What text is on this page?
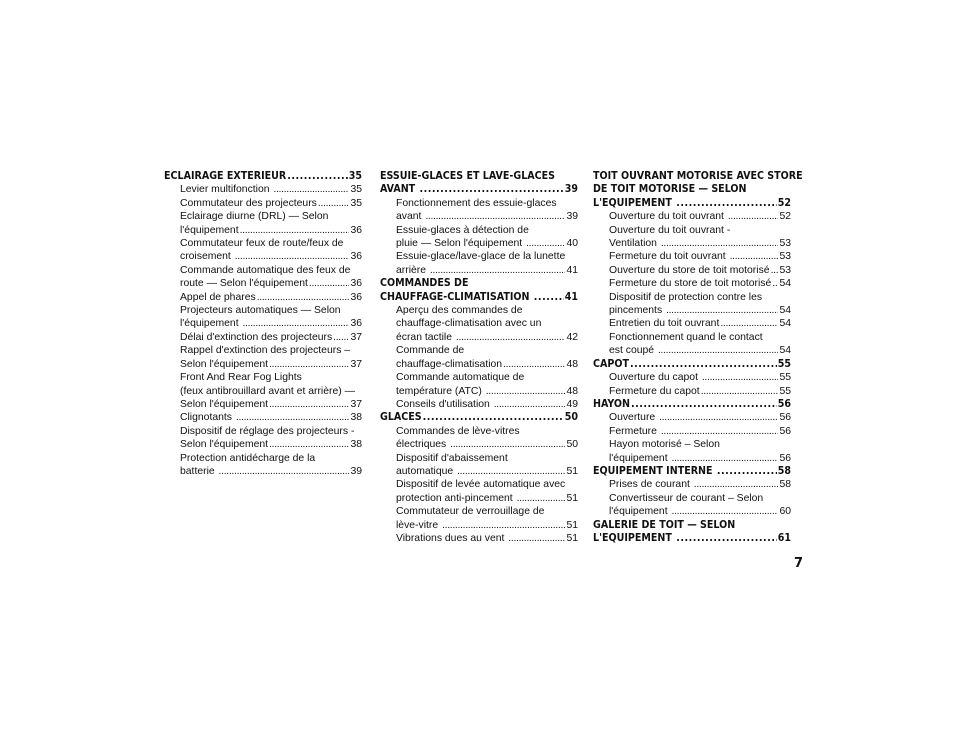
ECLAIRAGE EXTERIEUR . . .	35
Levier multifonction . . .	35
Commutateur des projecteurs . . .	35
Eclairage diurne (DRL) — Selon
l'équipement . . .	36
Commutateur feux de route/feux de
croisement . . .	36
Commande automatique des feux de
route — Selon l'équipement . . .	36
Appel de phares . . .	36
Projecteurs automatiques — Selon
l'équipement . . .	36
Délai d'extinction des projecteurs . . . 37
Rappel d'extinction des projecteurs –
Selon l'équipement . . .	37
Front And Rear Fog Lights
(feux antibrouillard avant et arrière) —
Selon l'équipement . . .	37
Clignotants . . .	38
Dispositif de réglage des projecteurs -
Selon l'équipement . . .	38
Protection antidécharge de la
batterie . . .	39
ESSUIE-GLACES ET LAVE-GLACES
AVANT . . .	39
Fonctionnement des essuie-glaces
avant . . .	39
Essuie-glaces à détection de
pluie — Selon l'équipement . . .	40
Essuie-glace/lave-glace de la lunette
arrière . . .	41
COMMANDES DE
CHAUFFAGE-CLIMATISATION . . .	41
Aperçu des commandes de
chauffage-climatisation avec un
écran tactile . . .	42
Commande de
chauffage-climatisation . . .	48
Commande automatique de
température (ATC) . . .	48
Conseils d'utilisation . . .	49
GLACES . . .	50
Commandes de lève-vitres
électriques . . .	50
Dispositif d'abaissement
automatique . . .	51
Dispositif de levée automatique avec
protection anti-pincement . . .	51
Commutateur de verrouillage de
lève-vitre . . .	51
Vibrations dues au vent . . .	51
TOIT OUVRANT MOTORISE AVEC STORE
DE TOIT MOTORISE — SELON
L'EQUIPEMENT . . .	52
Ouverture du toit ouvrant . . .	52
Ouverture du toit ouvrant -
Ventilation . . .	53
Fermeture du toit ouvrant . . .	53
Ouverture du store de toit motorisé . . . 53
Fermeture du store de toit motorisé . . . 54
Dispositif de protection contre les
pincements . . .	54
Entretien du toit ouvrant . . .	54
Fonctionnement quand le contact
est coupé . . .	54
CAPOT . . .	55
Ouverture du capot . . .	55
Fermeture du capot . . .	55
HAYON . . .	56
Ouverture . . .	56
Fermeture . . .	56
Hayon motorisé – Selon
l'équipement . . .	56
EQUIPEMENT INTERNE . . .	58
Prises de courant . . .	58
Convertisseur de courant – Selon
l'équipement . . .	60
GALERIE DE TOIT — SELON
L'EQUIPEMENT . . .	61
7
